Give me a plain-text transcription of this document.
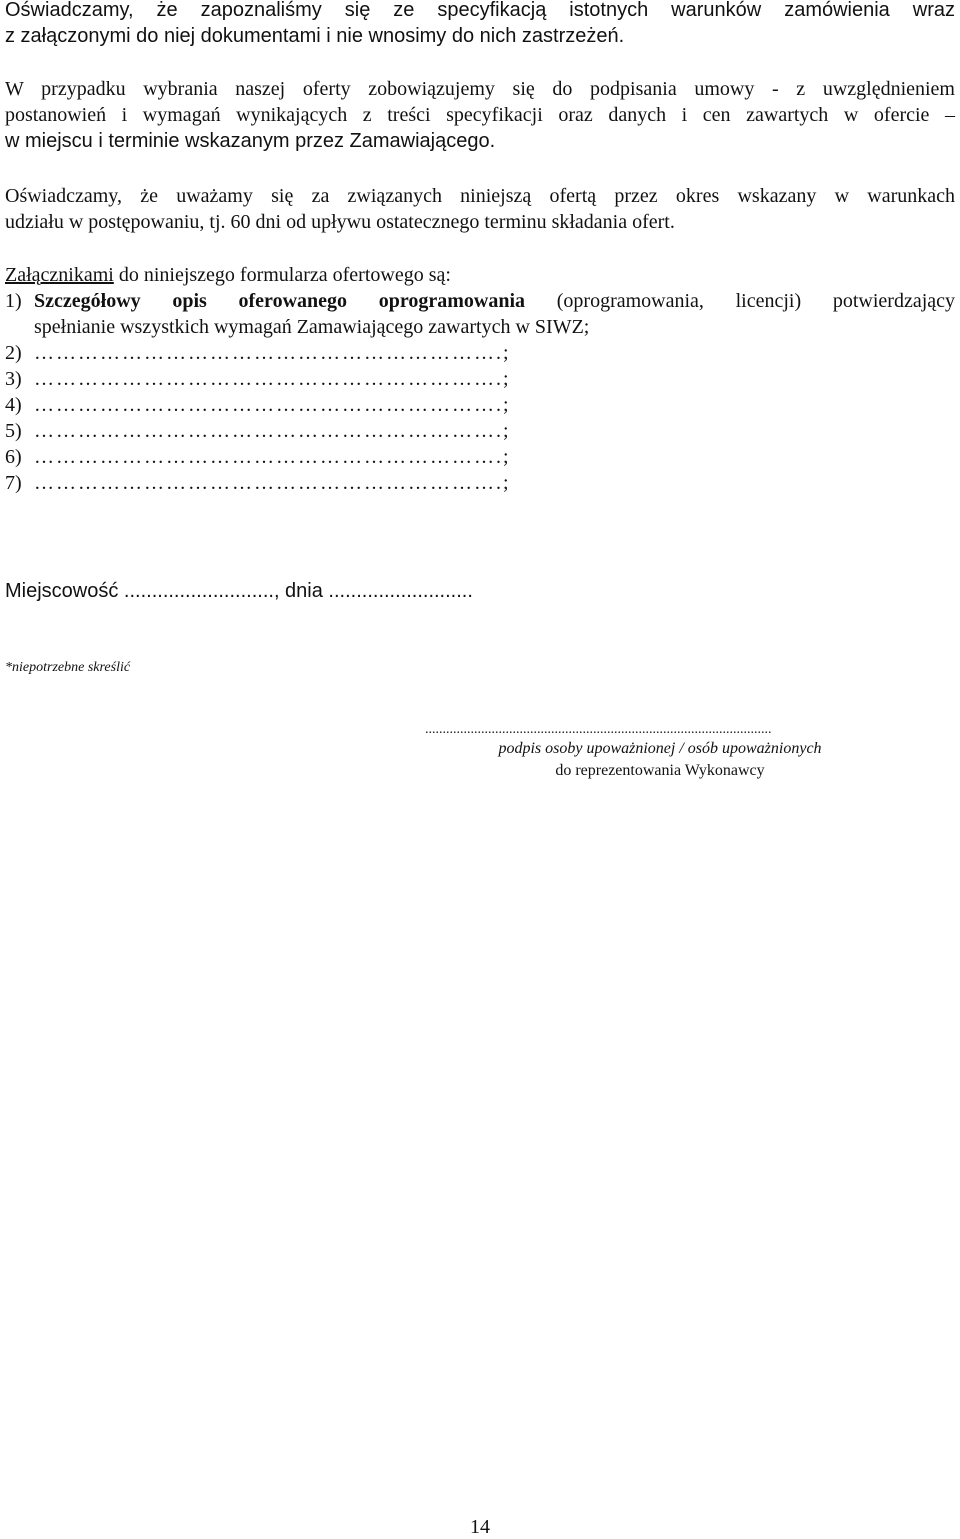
Oświadczamy, że zapoznaliśmy się ze specyfikacją istotnych warunków zamówienia wraz
z załączonymi do niej dokumentami i nie wnosimy do nich zastrzeżeń.
W przypadku wybrania naszej oferty zobowiązujemy się do podpisania umowy - z uwzględnieniem
postanowień i wymagań wynikających z treści specyfikacji oraz danych i cen zawartych w ofercie –
w miejscu i terminie wskazanym przez Zamawiającego.
Oświadczamy, że uważamy się za związanych niniejszą ofertą przez okres wskazany w warunkach
udziału w postępowaniu, tj. 60 dni od upływu ostatecznego terminu składania ofert.
Załącznikami do niniejszego formularza ofertowego są:
1) Szczegółowy opis oferowanego oprogramowania (oprogramowania, licencji) potwierdzający
spełnianie wszystkich wymagań Zamawiającego zawartych w SIWZ;
2) ……………………………………………………….;
3) ……………………………………………………….;
4) ……………………………………………………….;
5) ……………………………………………………….;
6) ……………………………………………………….;
7) ……………………………………………………….;
Miejscowość ..........................., dnia ..........................
*niepotrzebne skreślić
...................................................................................................
podpis osoby upoważnionej / osób upoważnionych
do reprezentowania Wykonawcy
14
